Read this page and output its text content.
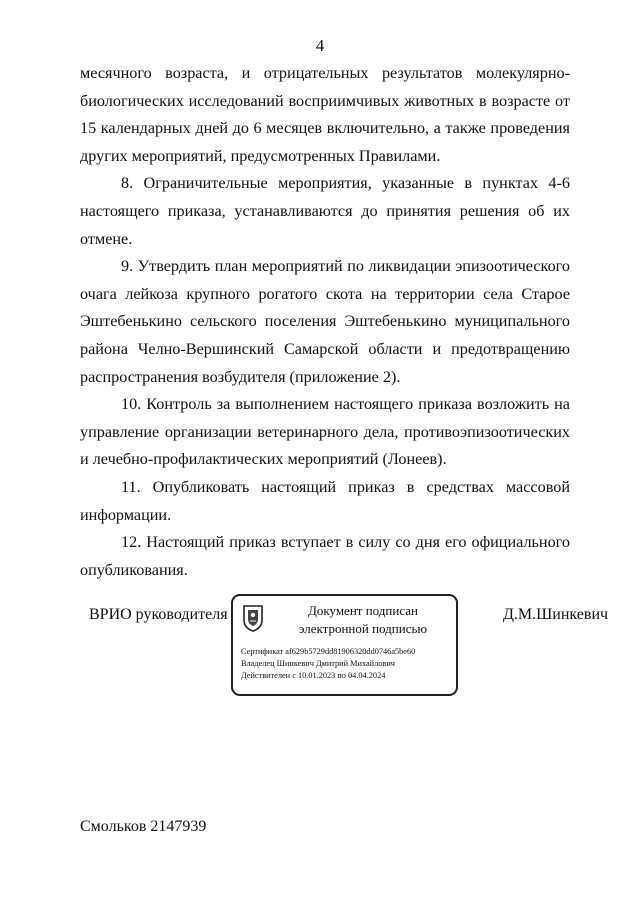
4

месячного возраста, и отрицательных результатов молекулярно-биологических исследований восприимчивых животных в возрасте от 15 календарных дней до 6 месяцев включительно, а также проведения других мероприятий, предусмотренных Правилами.

8. Ограничительные мероприятия, указанные в пунктах 4-6 настоящего приказа, устанавливаются до принятия решения об их отмене.

9. Утвердить план мероприятий по ликвидации эпизоотического очага лейкоза крупного рогатого скота на территории села Старое Эштебенькино сельского поселения Эштебенькино муниципального района Челно-Вершинский Самарской области и предотвращению распространения возбудителя (приложение 2).

10. Контроль за выполнением настоящего приказа возложить на управление организации ветеринарного дела, противоэпизоотических и лечебно-профилактических мероприятий (Лонеев).

11. Опубликовать настоящий приказ в средствах массовой информации.

12. Настоящий приказ вступает в силу со дня его официального опубликования.

ВРИО руководителя	Документ подписан
электронной подписью
Сертификат af629b5729dd81906320dd0746a5be60
Владелец Шинкевич Дмитрий Михайлович
Действителен с 10.01.2023 по 04.04.2024
Д.М.Шинкевич
Смольков 2147939
